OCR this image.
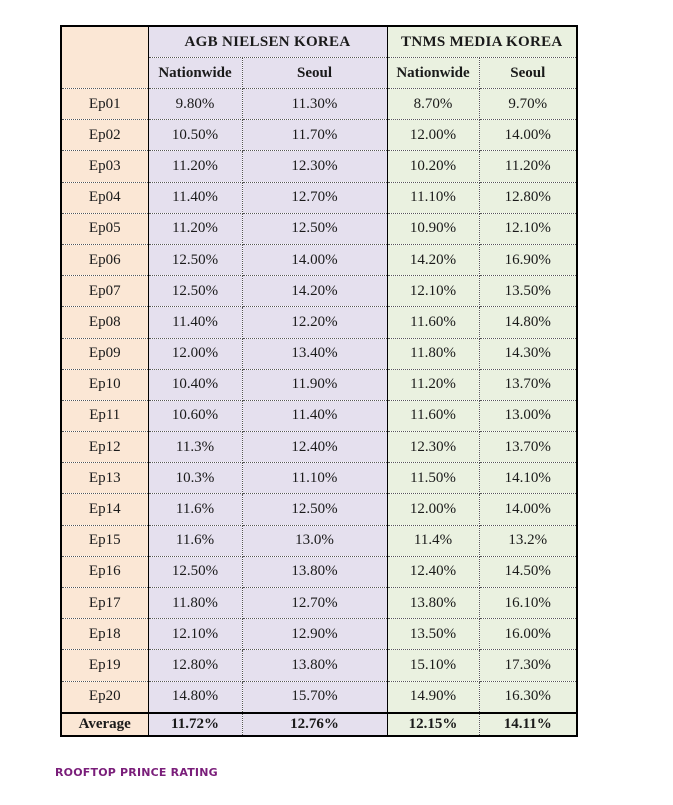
	AGB NIELSEN KOREA		TNMS MEDIA KOREA	
	Nationwide	Seoul	Nationwide	Seoul
Ep01	9.80%	11.30%	8.70%	9.70%
Ep02	10.50%	11.70%	12.00%	14.00%
Ep03	11.20%	12.30%	10.20%	11.20%
Ep04	11.40%	12.70%	11.10%	12.80%
Ep05	11.20%	12.50%	10.90%	12.10%
Ep06	12.50%	14.00%	14.20%	16.90%
Ep07	12.50%	14.20%	12.10%	13.50%
Ep08	11.40%	12.20%	11.60%	14.80%
Ep09	12.00%	13.40%	11.80%	14.30%
Ep10	10.40%	11.90%	11.20%	13.70%
Ep11	10.60%	11.40%	11.60%	13.00%
Ep12	11.3%	12.40%	12.30%	13.70%
Ep13	10.3%	11.10%	11.50%	14.10%
Ep14	11.6%	12.50%	12.00%	14.00%
Ep15	11.6%	13.0%	11.4%	13.2%
Ep16	12.50%	13.80%	12.40%	14.50%
Ep17	11.80%	12.70%	13.80%	16.10%
Ep18	12.10%	12.90%	13.50%	16.00%
Ep19	12.80%	13.80%	15.10%	17.30%
Ep20	14.80%	15.70%	14.90%	16.30%
Average	11.72%	12.76%	12.15%	14.11%
ROOFTOP PRINCE RATING
